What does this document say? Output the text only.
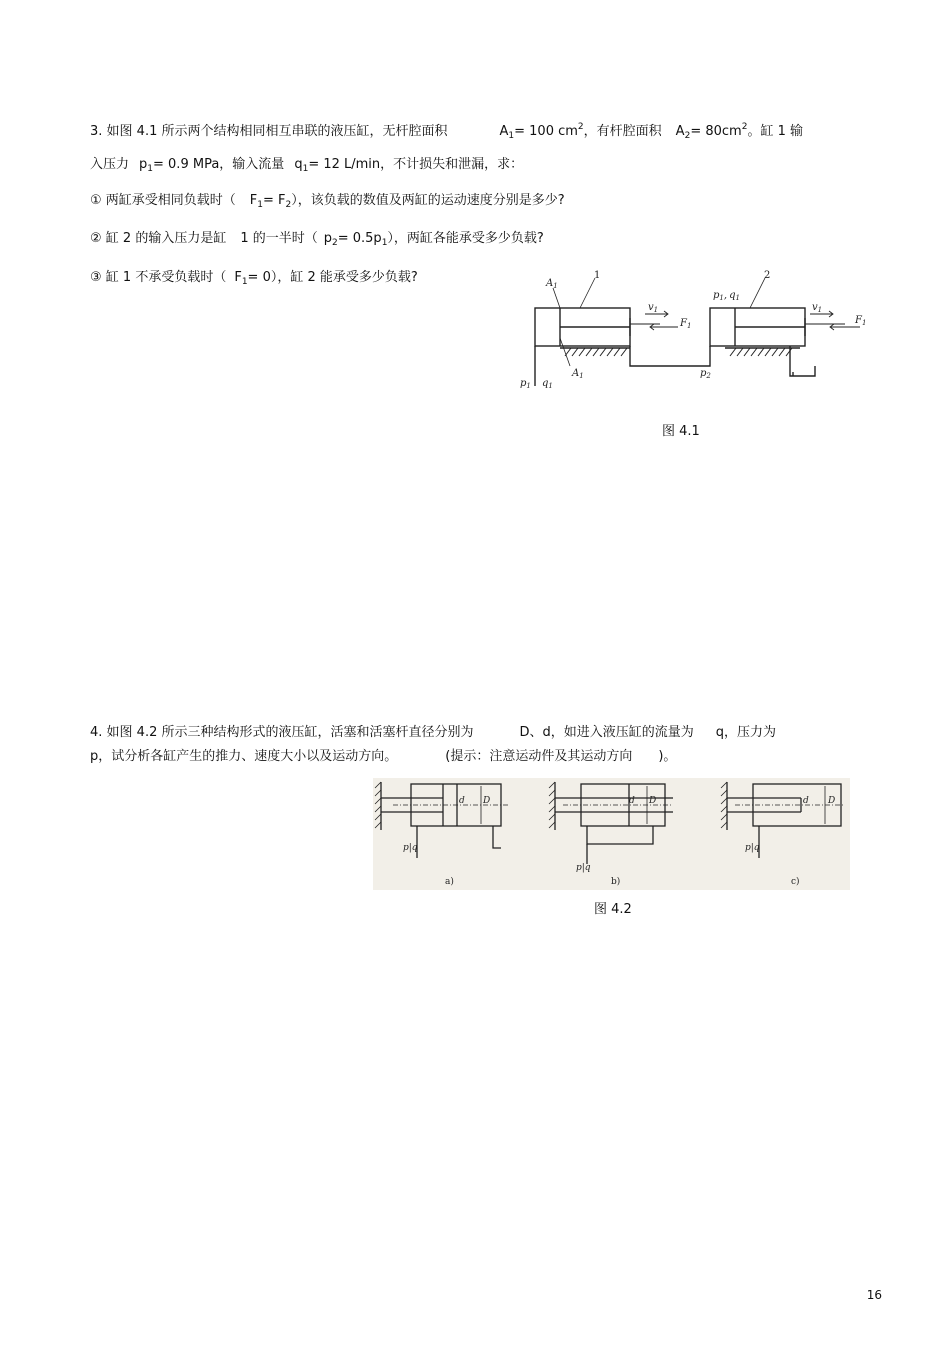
3. 如图 4.1 所示两个结构相同相互串联的液压缸，无杆腔面积	$A_1= 100$ $cm^2$，有杆腔面积 $A_2= 80cm^2$。缸 1 输
入压力 $p_1= 0.9$ MPa，输入流量 $q_1= 12$ L/min，不计损失和泄漏，求：
① 两缸承受相同负载时（ $F_1= F_2$），该负载的数值及两缸的运动速度分别是多少?
② 缸 2 的输入压力是缸 1 的一半时（ $p_2= 0.5p_1$），两缸各能承受多少负载?
③ 缸 1 不承受负载时（ $F_1= 0$），缸 2 能承受多少负载?	$A_1$
1
$v_1$
$F_1$
$p_1$, $q_1$
2
$v_1$
$F_1$
$p_1$ $q_1$
$A_1$	$p_2$
图 4.1
4. 如图 4.2 所示三种结构形式的液压缸，活塞和活塞杆直径分别为	D、d，如进入液压缸的流量为 q，压力为
p，试分析各缸产生的推力、速度大小以及运动方向。	(提示：注意运动件及其运动方向 )。
d D
p|q
d D
p|q
d D
p|q
a)	b)	c)
图 4.2
16
